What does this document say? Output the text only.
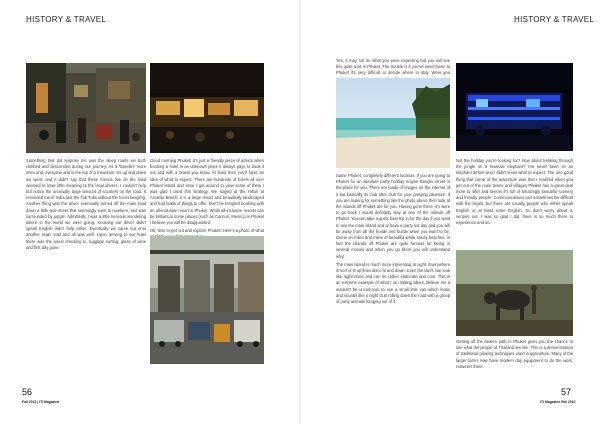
HISTORY & TRAVEL

Something that did surprise me was the steep roads we both climbed and descended during our journey. As a 'traveller' more ones and, everyone and is the top of a mountain. So up and down we went, and it didn't say that these friends live on the road seemed to have little meaning to the local drivers. I couldn't help but notice the unusually large amount of scooters on the road. It reminded me of India and the Tuk Tuks without the horns beeping. Another thing was the driver eventually turned off the main road down a little side street that seemingly went to nowhere, and was surrounded by jungle. Admittedly I was a little nervous wondering where in the world we were going. Knowing our driver didn't speak English didn't help either. Eventually we came out onto another main road and all was well. Upon arriving to our hotel there was the usual checking in, luggage sorting, glass of wine and first day gone.

Good morning Phuket! It's just a friendly piece of advice when booking a hotel in an unknown place it always pays to book it out and with a brand you know. At least then you'll have an idea of what to expect. There are hundreds of hotels all over Phuket Island and once I got around to view some of them I was glad I used this strategy. We stayed at the Hilton at Arcadia Beach, it is a large resort and beautifully landscaped and had loads of things to offer. Don't be tempted booking with an all-inclusive resort in Phuket. While all-inclusive resorts can be brilliant in some places (such as Cancun, Mexico) in Phuket I believe you will be disappointed.

Ok, time to get out and explore Phuket! Here's a photo of what

56
Fall 2010 | ITI Magazine
HISTORY & TRAVEL

Yes, it may not be what you were expecting but you will see this quite a bit in Phuket. The trouble is if you've never been to Phuket it's very difficult to decide where to stay. Were you

Same Phuket, completely different location. If you are going to Phuket for an absolute party holiday maybe Bangla Street is the place for you. There are loads of images on the internet of it but basically its club after club for your partying pleasure. If you are looking for something like the photo above then look at the islands off Phuket are for you. Having gone there, it's were to go back I would definitely stay at one of the islands off Phuket. You can take a quick boat trip in for the day if you want to see the main island and or have a party out day and you will be away from all the hustle and bustle when you want to be. Come on miles and miles of beautiful white sandy beaches, in fact the islands off Phuket are quite famous for being in several movies and when you go there you will understand why!

The main island is much more interesting at night. Everywhere is sort of lit up lines disco lit and down. Even the taxi's can look like night clubs and can be rather elaborate and cool. This is an extreme example of what I am talking about, believe me it wouldn't be uncommon to see a small little van which looks and sounds like a night club rolling down the road with a group of party animals hanging out of it.

Not the holiday you're looking for? How about trekking through the jungle on a massive elephant? I've never been on an elephant before and I didn't know what to expect. The one good thing that came of the adventure was that I realized when you get out of the main towns and villages Phuket has a great deal more to offer and seems it's full of amazingly beautiful scenery and friendly people. Communications can sometimes be difficult with the locals, but there are usually people who either speak English or at least some English. So don't worry about it, venture out. I was so glad I did, there is so much there to experience and do.

Getting off the beaten path in Phuket gives you the chance to see what the people of Thailand are like. This is a demonstration of traditional plowing techniques used in agriculture. Many of the larger farms now have modern day equipment to do the work. However there

57
ITI Magazine Fall 2010
